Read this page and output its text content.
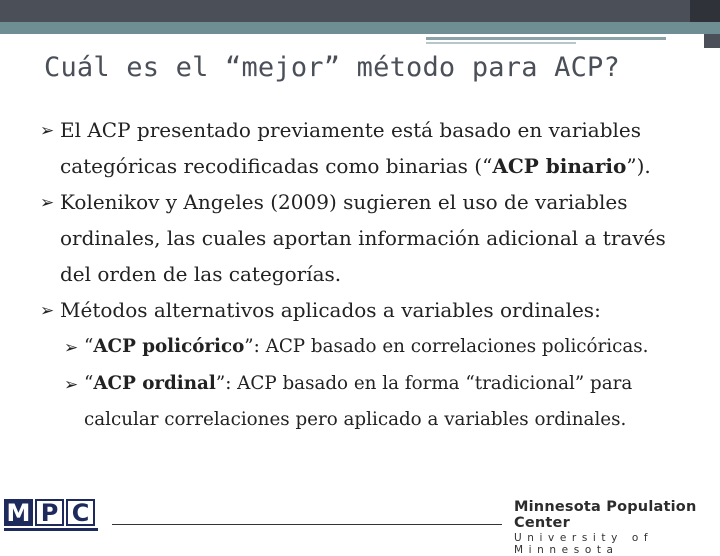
Cuál es el “mejor” método para ACP?
➢ El ACP presentado previamente está basado en variables categóricas recodificadas como binarias (“ACP binario”).
➢ Kolenikov y Angeles (2009) sugieren el uso de variables ordinales, las cuales aportan información adicional a través del orden de las categorías.
➢ Métodos alternativos aplicados a variables ordinales:
➢ “ACP policórico”: ACP basado en correlaciones policóricas.
➢ “ACP ordinal”: ACP basado en la forma “tradicional” para calcular correlaciones pero aplicado a variables ordinales.
M P C	Minnesota Population Center
University of Minnesota
